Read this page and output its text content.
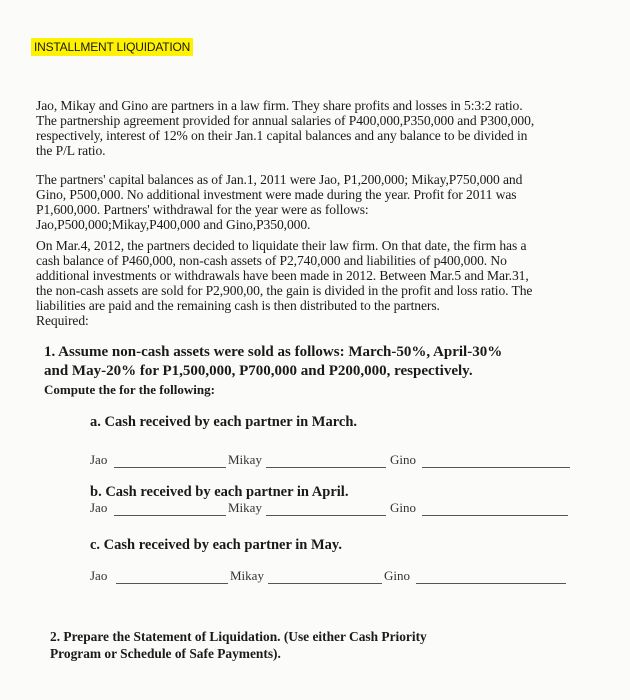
INSTALLMENT LIQUIDATION
Jao, Mikay and Gino are partners in a law firm. They share profits and losses in 5:3:2 ratio.
The partnership agreement provided for annual salaries of P400,000,P350,000 and P300,000,
respectively, interest of 12% on their Jan.1 capital balances and any balance to be divided in
the P/L ratio.
The partners' capital balances as of Jan.1, 2011 were Jao, P1,200,000; Mikay,P750,000 and
Gino, P500,000. No additional investment were made during the year. Profit for 2011 was
P1,600,000. Partners' withdrawal for the year were as follows:
Jao,P500,000;Mikay,P400,000 and Gino,P350,000.
On Mar.4, 2012, the partners decided to liquidate their law firm. On that date, the firm has a
cash balance of P460,000, non-cash assets of P2,740,000 and liabilities of p400,000. No
additional investments or withdrawals have been made in 2012. Between Mar.5 and Mar.31,
the non-cash assets are sold for P2,900,00, the gain is divided in the profit and loss ratio. The
liabilities are paid and the remaining cash is then distributed to the partners.
Required:
1. Assume non-cash assets were sold as follows: March-50%, April-30%
and May-20% for P1,500,000, P700,000 and P200,000, respectively.
Compute the for the following:
a. Cash received by each partner in March.
Jao	Mikay	Gino
b. Cash received by each partner in April.
Jao	Mikay	Gino
c. Cash received by each partner in May.
Jao	Mikay	Gino
2. Prepare the Statement of Liquidation. (Use either Cash Priority
Program or Schedule of Safe Payments).
